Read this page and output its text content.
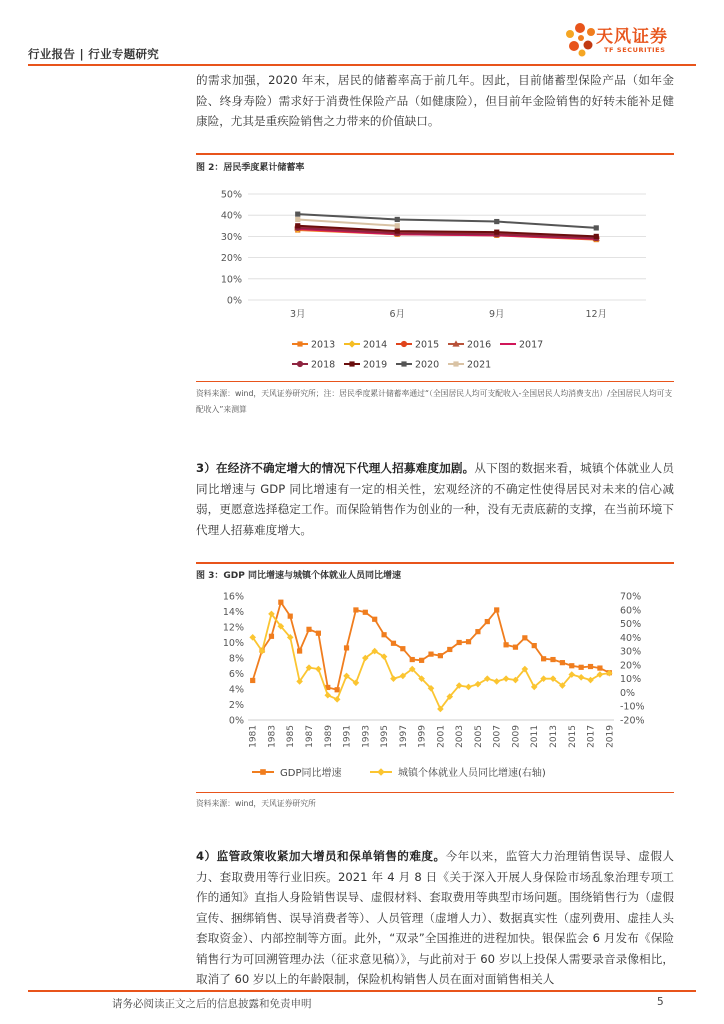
行业报告 | 行业专题研究
天风证券
TF SECURITIES
的需求加强，2020 年末，居民的储蓄率高于前几年。因此，目前储蓄型保险产品（如年金险、终身寿险）需求好于消费性保险产品（如健康险），但目前年金险销售的好转未能补足健康险，尤其是重疾险销售之力带来的价值缺口。
图 2：居民季度累计储蓄率
0%
10%
20%
30%
40%
50%
3月	6月	9月	12月
2013	2014	2015	2016	2017
2018	2019	2020	2021
资料来源：wind，天风证券研究所；注：居民季度累计储蓄率通过“（全国居民人均可支配收入-全国居民人均消费支出）/全国居民人均可支配收入”来测算
3）在经济不确定增大的情况下代理人招募难度加剧。从下图的数据来看，城镇个体就业人员同比增速与 GDP 同比增速有一定的相关性，宏观经济的不确定性使得居民对未来的信心减弱，更愿意选择稳定工作。而保险销售作为创业的一种，没有无责底薪的支撑，在当前环境下代理人招募难度增大。
图 3：GDP 同比增速与城镇个体就业人员同比增速
0%
2%
4%
6%
8%
10%
12%
14%
16%
-20%
-10%
0%
10%
20%
30%
40%
50%
60%
70%
1981 1983 1985 1987 1989 1991 1993 1995 1997 1999 2001 2003 2005 2007 2009 2011 2013 2015 2017 2019
GDP同比增速	城镇个体就业人员同比增速(右轴)
资料来源：wind，天风证券研究所
4）监管政策收紧加大增员和保单销售的难度。今年以来，监管大力治理销售误导、虚假人力、套取费用等行业旧疾。2021 年 4 月 8 日《关于深入开展人身保险市场乱象治理专项工作的通知》直指人身险销售误导、虚假材料、套取费用等典型市场问题。围绕销售行为（虚假宣传、捆绑销售、误导消费者等）、人员管理（虚增人力）、数据真实性（虚列费用、虚挂人头套取资金）、内部控制等方面。此外，“双录”全国推进的进程加快。银保监会 6 月发布《保险销售行为可回溯管理办法（征求意见稿）》，与此前对于 60 岁以上投保人需要录音录像相比，取消了 60 岁以上的年龄限制，保险机构销售人员在面对面销售相关人
请务必阅读正文之后的信息披露和免责申明	5
